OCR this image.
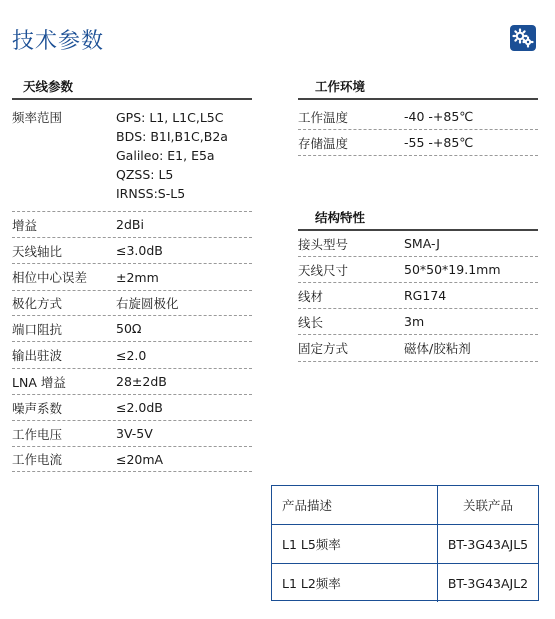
技术参数
天线参数
频率范围	GPS: L1, L1C,L5C
BDS: B1I,B1C,B2a
Galileo: E1, E5a
QZSS: L5
IRNSS:S-L5
增益	2dBi
天线轴比	≤3.0dB
相位中心误差	±2mm
极化方式	右旋圆极化
端口阻抗	50Ω
输出驻波	≤2.0
LNA 增益	28±2dB
噪声系数	≤2.0dB
工作电压	3V-5V
工作电流	≤20mA
工作环境
工作温度	-40 -+85℃
存储温度	-55 -+85℃
结构特性
接头型号	SMA-J
天线尺寸	50*50*19.1mm
线材	RG174
线长	3m
固定方式	磁体/胶粘剂
产品描述	关联产品
L1 L5频率	BT-3G43AJL5
L1 L2频率	BT-3G43AJL2
